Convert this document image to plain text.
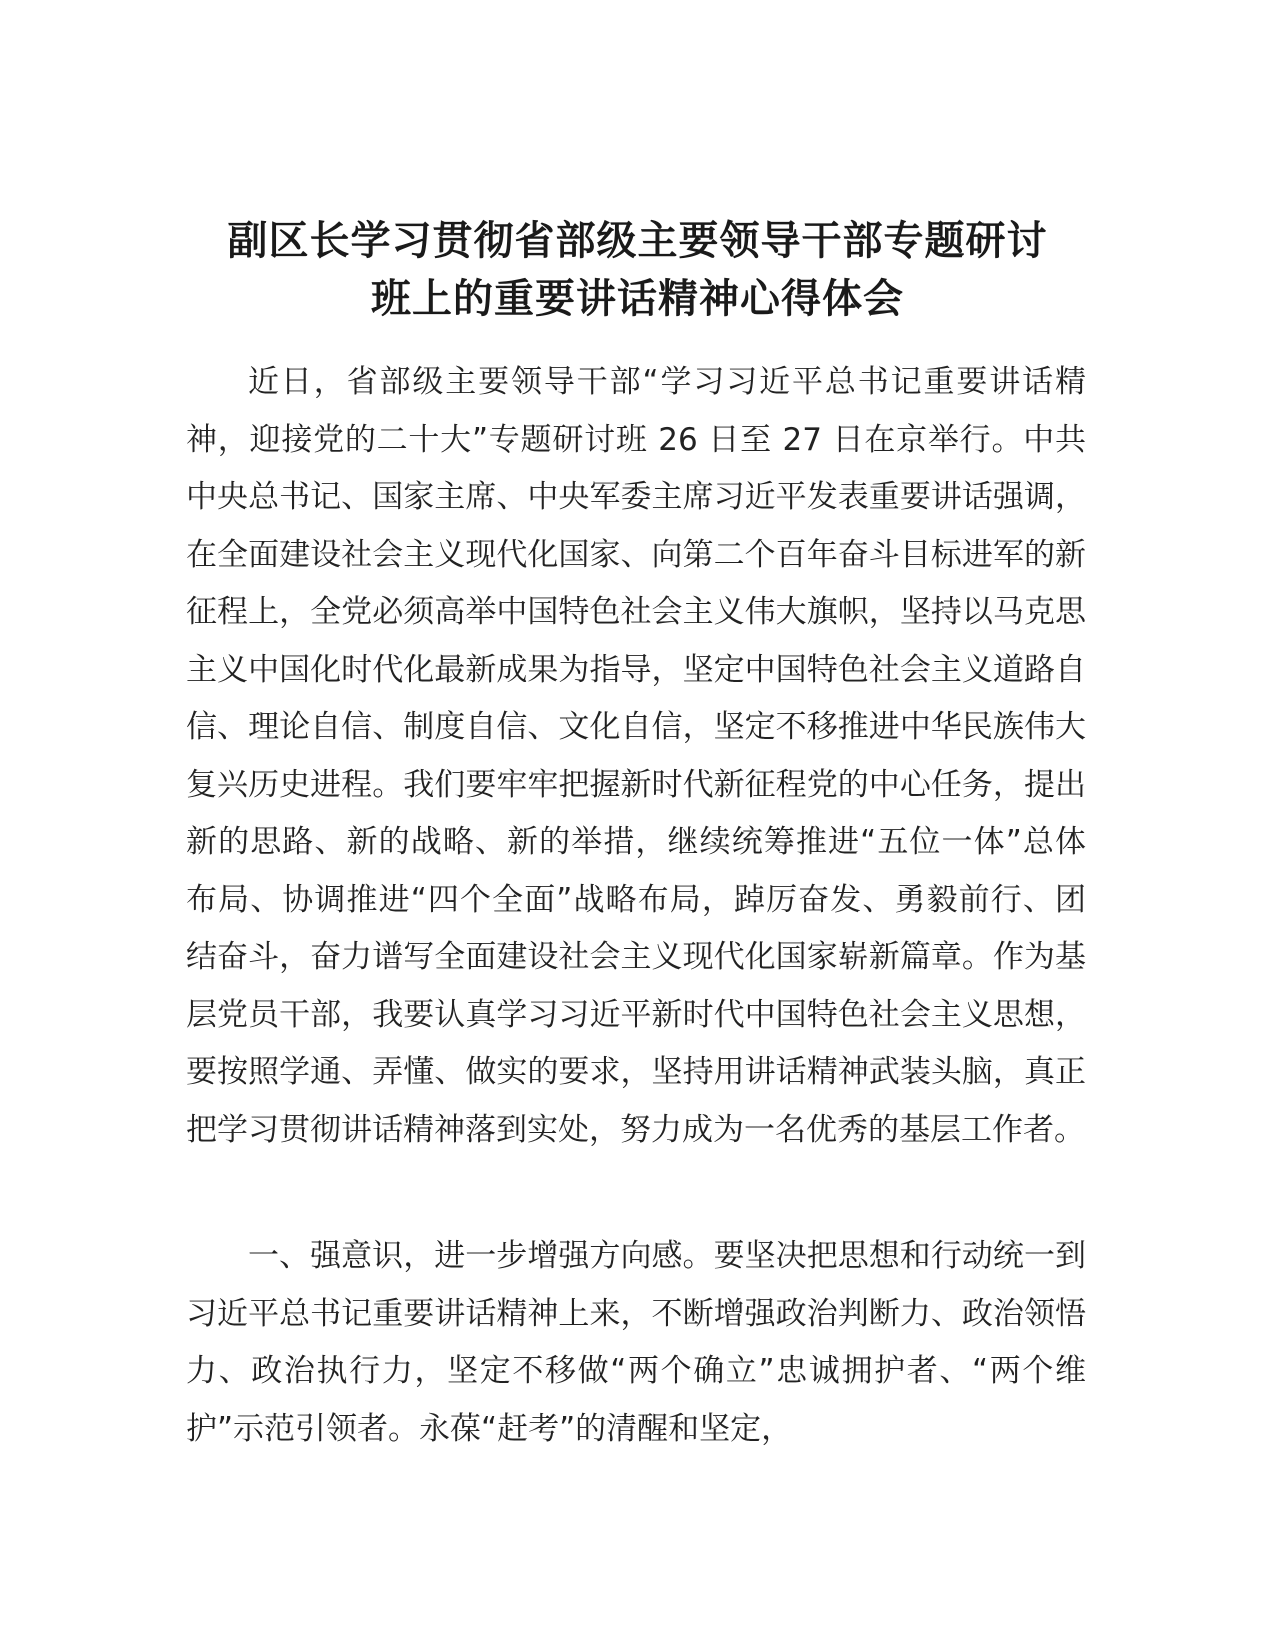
副区长学习贯彻省部级主要领导干部专题研讨
班上的重要讲话精神心得体会

近日，省部级主要领导干部“学习习近平总书记重要讲话精神，迎接党的二十大”专题研讨班 26 日至 27 日在京举行。中共中央总书记、国家主席、中央军委主席习近平发表重要讲话强调，在全面建设社会主义现代化国家、向第二个百年奋斗目标进军的新征程上，全党必须高举中国特色社会主义伟大旗帜，坚持以马克思主义中国化时代化最新成果为指导，坚定中国特色社会主义道路自信、理论自信、制度自信、文化自信，坚定不移推进中华民族伟大复兴历史进程。我们要牢牢把握新时代新征程党的中心任务，提出新的思路、新的战略、新的举措，继续统筹推进“五位一体”总体布局、协调推进“四个全面”战略布局，踔厉奋发、勇毅前行、团结奋斗，奋力谱写全面建设社会主义现代化国家崭新篇章。作为基层党员干部，我要认真学习习近平新时代中国特色社会主义思想，要按照学通、弄懂、做实的要求，坚持用讲话精神武装头脑，真正把学习贯彻讲话精神落到实处，努力成为一名优秀的基层工作者。

一、强意识，进一步增强方向感。要坚决把思想和行动统一到习近平总书记重要讲话精神上来，不断增强政治判断力、政治领悟力、政治执行力，坚定不移做“两个确立”忠诚拥护者、“两个维护”示范引领者。永葆“赶考”的清醒和坚定，
